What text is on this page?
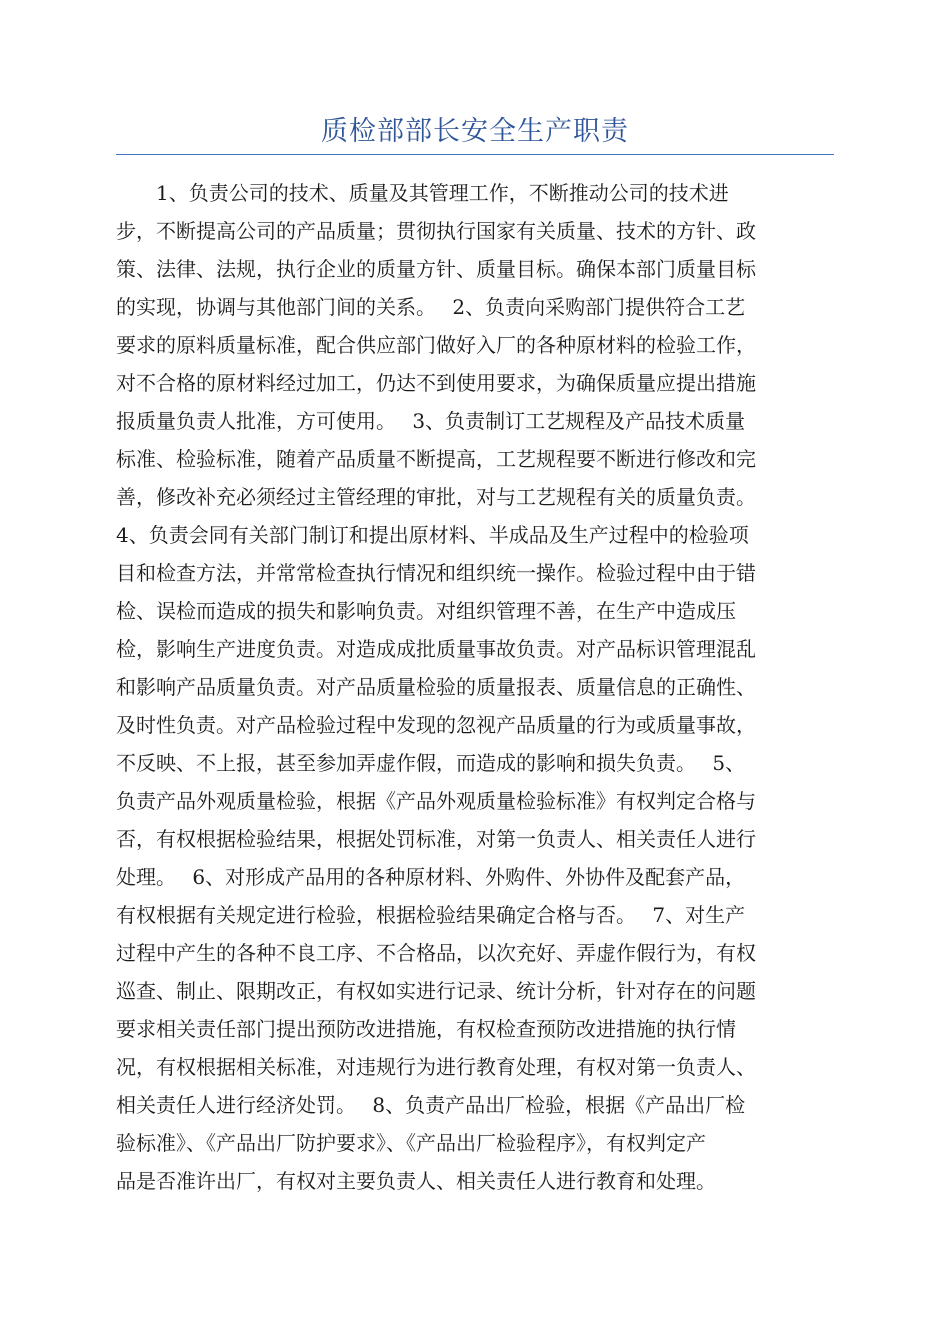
质检部部长安全生产职责
　　1、负责公司的技术、质量及其管理工作，不断推动公司的技术进
步，不断提高公司的产品质量；贯彻执行国家有关质量、技术的方针、政
策、法律、法规，执行企业的质量方针、质量目标。确保本部门质量目标
的实现，协调与其他部门间的关系。　 2、负责向采购部门提供符合工艺
要求的原料质量标准，配合供应部门做好入厂的各种原材料的检验工作，
对不合格的原材料经过加工，仍达不到使用要求，为确保质量应提出措施
报质量负责人批准，方可使用。　 3、负责制订工艺规程及产品技术质量
标准、检验标准，随着产品质量不断提高，工艺规程要不断进行修改和完
善，修改补充必须经过主管经理的审批，对与工艺规程有关的质量负责。
4、负责会同有关部门制订和提出原材料、半成品及生产过程中的检验项
目和检查方法，并常常检查执行情况和组织统一操作。检验过程中由于错
检、误检而造成的损失和影响负责。对组织管理不善，在生产中造成压
检，影响生产进度负责。对造成成批质量事故负责。对产品标识管理混乱
和影响产品质量负责。对产品质量检验的质量报表、质量信息的正确性、
及时性负责。对产品检验过程中发现的忽视产品质量的行为或质量事故，
不反映、不上报，甚至参加弄虚作假，而造成的影响和损失负责。　 5、
负责产品外观质量检验，根据《产品外观质量检验标准》有权判定合格与
否，有权根据检验结果，根据处罚标准，对第一负责人、相关责任人进行
处理。　 6、对形成产品用的各种原材料、外购件、外协件及配套产品，
有权根据有关规定进行检验，根据检验结果确定合格与否。　 7、对生产
过程中产生的各种不良工序、不合格品，以次充好、弄虚作假行为，有权
巡查、制止、限期改正，有权如实进行记录、统计分析，针对存在的问题
要求相关责任部门提出预防改进措施，有权检查预防改进措施的执行情
况，有权根据相关标准，对违规行为进行教育处理，有权对第一负责人、
相关责任人进行经济处罚。　 8、负责产品出厂检验，根据《产品出厂检
验标准》、《产品出厂防护要求》、《产品出厂检验程序》，有权判定产
品是否准许出厂，有权对主要负责人、相关责任人进行教育和处理。
